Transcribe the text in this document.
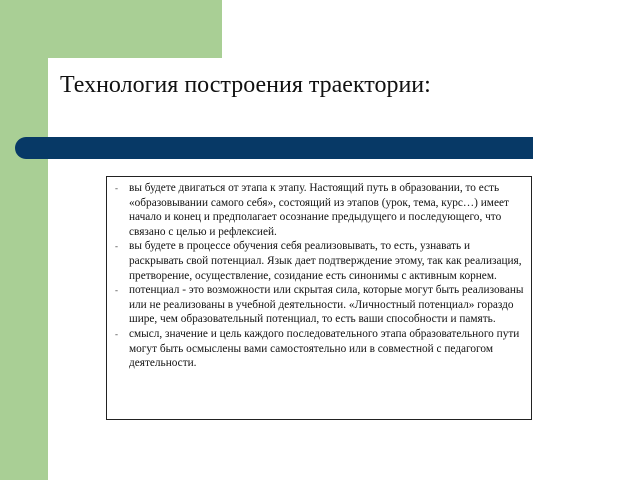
Технология построения траектории:
- вы будете двигаться от этапа к этапу. Настоящий путь в образовании, то есть «образовывании самого себя», состоящий из этапов (урок, тема, курс…) имеет начало и конец и предполагает осознание предыдущего и последующего, что связано с целью и рефлексией.
- вы будете в процессе обучения себя реализовывать, то есть, узнавать и раскрывать свой потенциал. Язык дает подтверждение этому, так как реализация, претворение, осуществление, созидание есть синонимы с активным корнем.
- потенциал - это возможности или скрытая сила, которые могут быть реализованы или не реализованы в учебной деятельности. «Личностный потенциал» гораздо шире, чем образовательный потенциал, то есть ваши способности и память.
- смысл, значение и цель каждого последовательного этапа образовательного пути могут быть осмыслены вами самостоятельно или в совместной с педагогом деятельности.
